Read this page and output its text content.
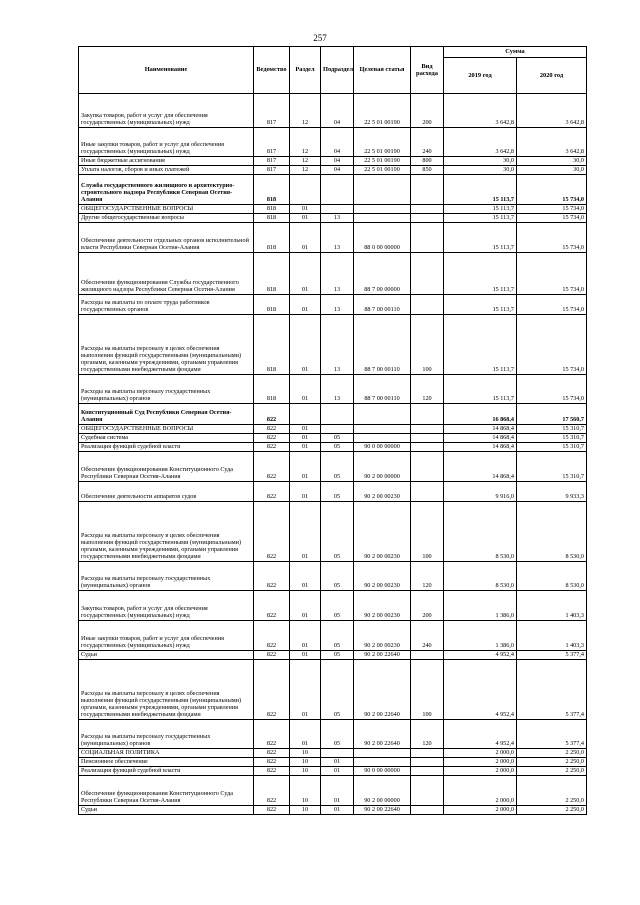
257
Наименование	Ведомство	Раздел	Подраздел	Целевая статья	Вид расхода	Сумма	
						2019 год	2020 год
Закупка товаров, работ и услуг для обеспечения государственных (муниципальных) нужд	817	12	04	22 5 01 00190	200	3 642,8	3 642,8
Иные закупки товаров, работ и услуг для обеспечения государственных (муниципальных) нужд	817	12	04	22 5 01 00190	240	3 642,8	3 642,8
Иные бюджетные ассигнования	817	12	04	22 5 01 00190	800	30,0	30,0
Уплата налогов, сборов и иных платежей	817	12	04	22 5 01 00190	850	30,0	30,0
Служба государственного жилищного и архитектурно-строительного надзора Республики Северная Осетия-Алания	818					15 113,7	15 734,0
ОБЩЕГОСУДАРСТВЕННЫЕ ВОПРОСЫ	818	01				15 113,7	15 734,0
Другие общегосударственные вопросы	818	01	13			15 113,7	15 734,0
Обеспечение деятельности отдельных органов исполнительной власти Республики Северная Осетия-Алания	818	01	13	88 0 00 00000		15 113,7	15 734,0
Обеспечение функционирования Службы государственного жилищного надзора Республики Северная Осетия-Алания	818	01	13	88 7 00 00000		15 113,7	15 734,0
Расходы на выплаты по оплате труда работников государственных органов	818	01	13	88 7 00 00110		15 113,7	15 734,0
Расходы на выплаты персоналу в целях обеспечения выполнения функций государственными (муниципальными) органами, казенными учреждениями, органами управления государственными внебюджетными фондами	818	01	13	88 7 00 00110	100	15 113,7	15 734,0
Расходы на выплаты персоналу государственных (муниципальных) органов	818	01	13	88 7 00 00110	120	15 113,7	15 734,0
Конституционный Суд Республики Северная Осетия-Алания	822					16 868,4	17 560,7
ОБЩЕГОСУДАРСТВЕННЫЕ ВОПРОСЫ	822	01				14 868,4	15 310,7
Судебная система	822	01	05			14 868,4	15 310,7
Реализация функций судебной власти	822	01	05	90 0 00 00000		14 868,4	15 310,7
Обеспечение функционирования Конституционного Суда Республики Северная Осетия-Алания	822	01	05	90 2 00 00000		14 868,4	15 310,7
Обеспечение деятельности аппаратов судов	822	01	05	90 2 00 00230		9 916,0	9 933,3
Расходы на выплаты персоналу в целях обеспечения выполнения функций государственными (муниципальными) органами, казенными учреждениями, органами управления государственными внебюджетными фондами	822	01	05	90 2 00 00230	100	8 530,0	8 530,0
Расходы на выплаты персоналу государственных (муниципальных) органов	822	01	05	90 2 00 00230	120	8 530,0	8 530,0
Закупка товаров, работ и услуг для обеспечения государственных (муниципальных) нужд	822	01	05	90 2 00 00230	200	1 386,0	1 403,3
Иные закупки товаров, работ и услуг для обеспечения государственных (муниципальных) нужд	822	01	05	90 2 00 00230	240	1 386,0	1 403,3
Судьи	822	01	05	90 2 00 22640		4 952,4	5 377,4
Расходы на выплаты персоналу в целях обеспечения выполнения функций государственными (муниципальными) органами, казенными учреждениями, органами управления государственными внебюджетными фондами	822	01	05	90 2 00 22640	100	4 952,4	5 377,4
Расходы на выплаты персоналу государственных (муниципальных) органов	822	01	05	90 2 00 22640	120	4 952,4	5 377,4
СОЦИАЛЬНАЯ ПОЛИТИКА	822	10				2 000,0	2 250,0
Пенсионное обеспечение	822	10	01			2 000,0	2 250,0
Реализация функций судебной власти	822	10	01	90 0 00 00000		2 000,0	2 250,0
Обеспечение функционирования Конституционного Суда Республики Северная Осетия-Алания	822	10	01	90 2 00 00000		2 000,0	2 250,0
Судьи	822	10	01	90 2 00 22640		2 000,0	2 250,0
